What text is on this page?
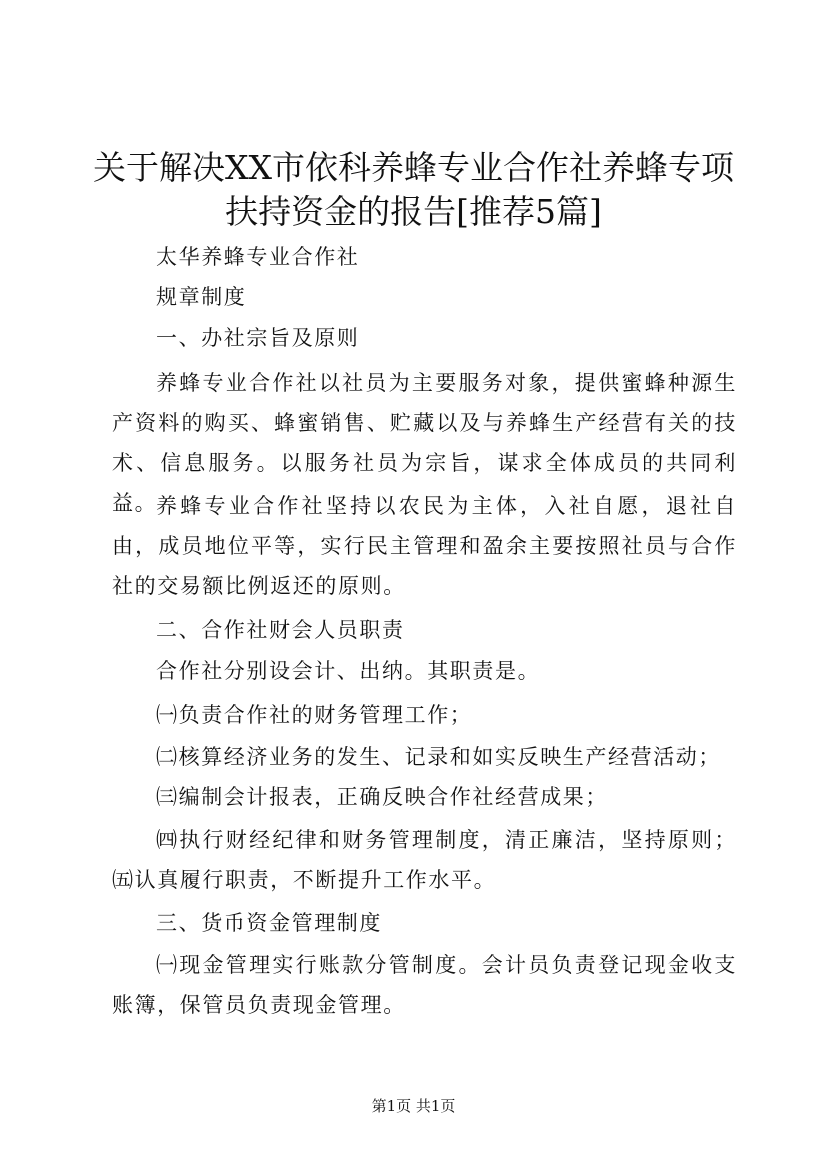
关于解决XX市依科养蜂专业合作社养蜂专项
扶持资金的报告[推荐5篇]

太华养蜂专业合作社

规章制度

一、办社宗旨及原则

养蜂专业合作社以社员为主要服务对象，提供蜜蜂种源生产资料的购买、蜂蜜销售、贮藏以及与养蜂生产经营有关的技术、信息服务。以服务社员为宗旨，谋求全体成员的共同利益。

养蜂专业合作社坚持以农民为主体，入社自愿，退社自由，成员地位平等，实行民主管理和盈余主要按照社员与合作社的交易额比例返还的原则。

二、合作社财会人员职责

合作社分别设会计、出纳。其职责是。

㈠负责合作社的财务管理工作；

㈡核算经济业务的发生、记录和如实反映生产经营活动；

㈢编制会计报表，正确反映合作社经营成果；

㈣执行财经纪律和财务管理制度，清正廉洁，坚持原则；㈤认真履行职责，不断提升工作水平。

三、货币资金管理制度

㈠现金管理实行账款分管制度。会计员负责登记现金收支账簿，保管员负责现金管理。

第1页 共1页
